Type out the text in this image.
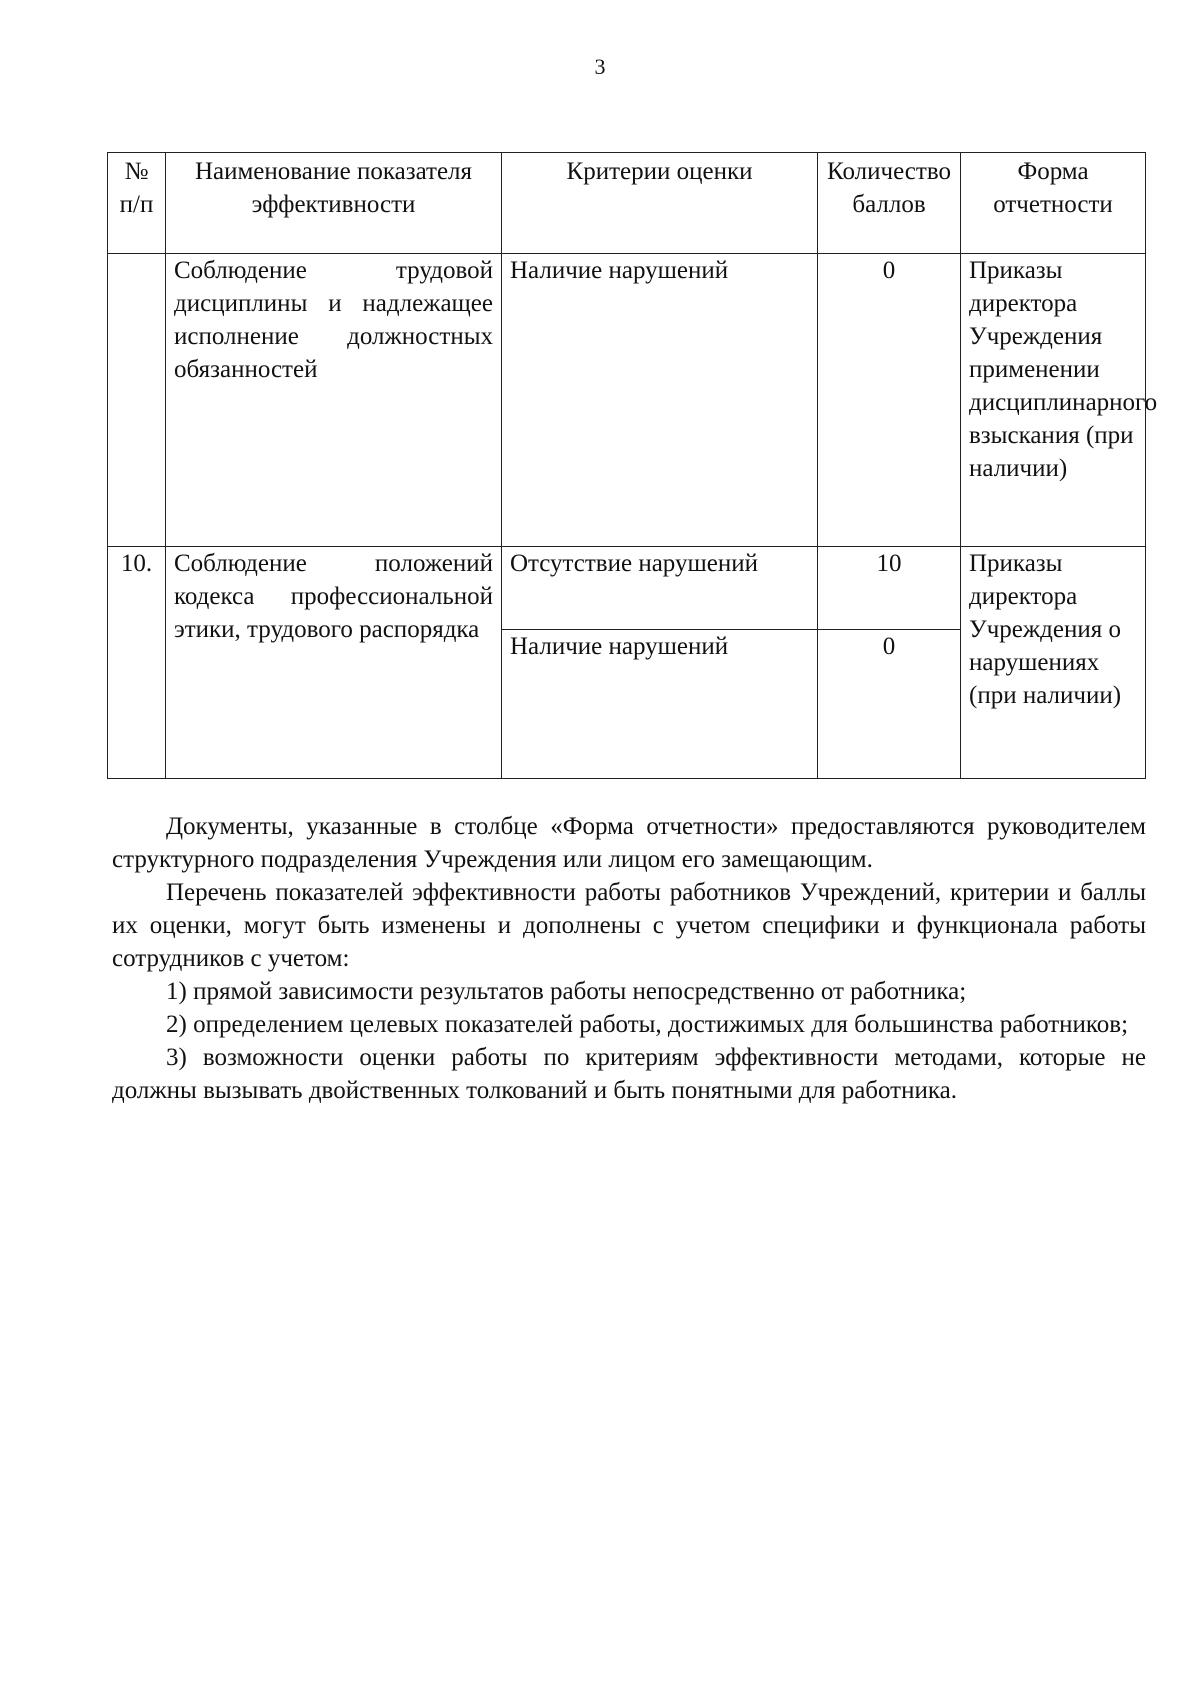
3
№ п/п	Наименование показателя эффективности	Критерии оценки	Количество баллов	Форма отчетности
	Соблюдение трудовой дисциплины и надлежащее исполнение должностных обязанностей	Наличие нарушений	0	Приказы директора Учреждения применении дисциплинарного взыскания (при наличии)
10.	Соблюдение положений кодекса профессиональной этики, трудового распорядка	Отсутствие нарушений	10	Приказы директора Учреждения о нарушениях (при наличии)
		Наличие нарушений	0	

Документы, указанные в столбце «Форма отчетности» предоставляются руководителем структурного подразделения Учреждения или лицом его замещающим.

Перечень показателей эффективности работы работников Учреждений, критерии и баллы их оценки, могут быть изменены и дополнены с учетом специфики и функционала работы сотрудников с учетом:

1) прямой зависимости результатов работы непосредственно от работника;

2) определением целевых показателей работы, достижимых для большинства работников;

3) возможности оценки работы по критериям эффективности методами, которые не должны вызывать двойственных толкований и быть понятными для работника.
